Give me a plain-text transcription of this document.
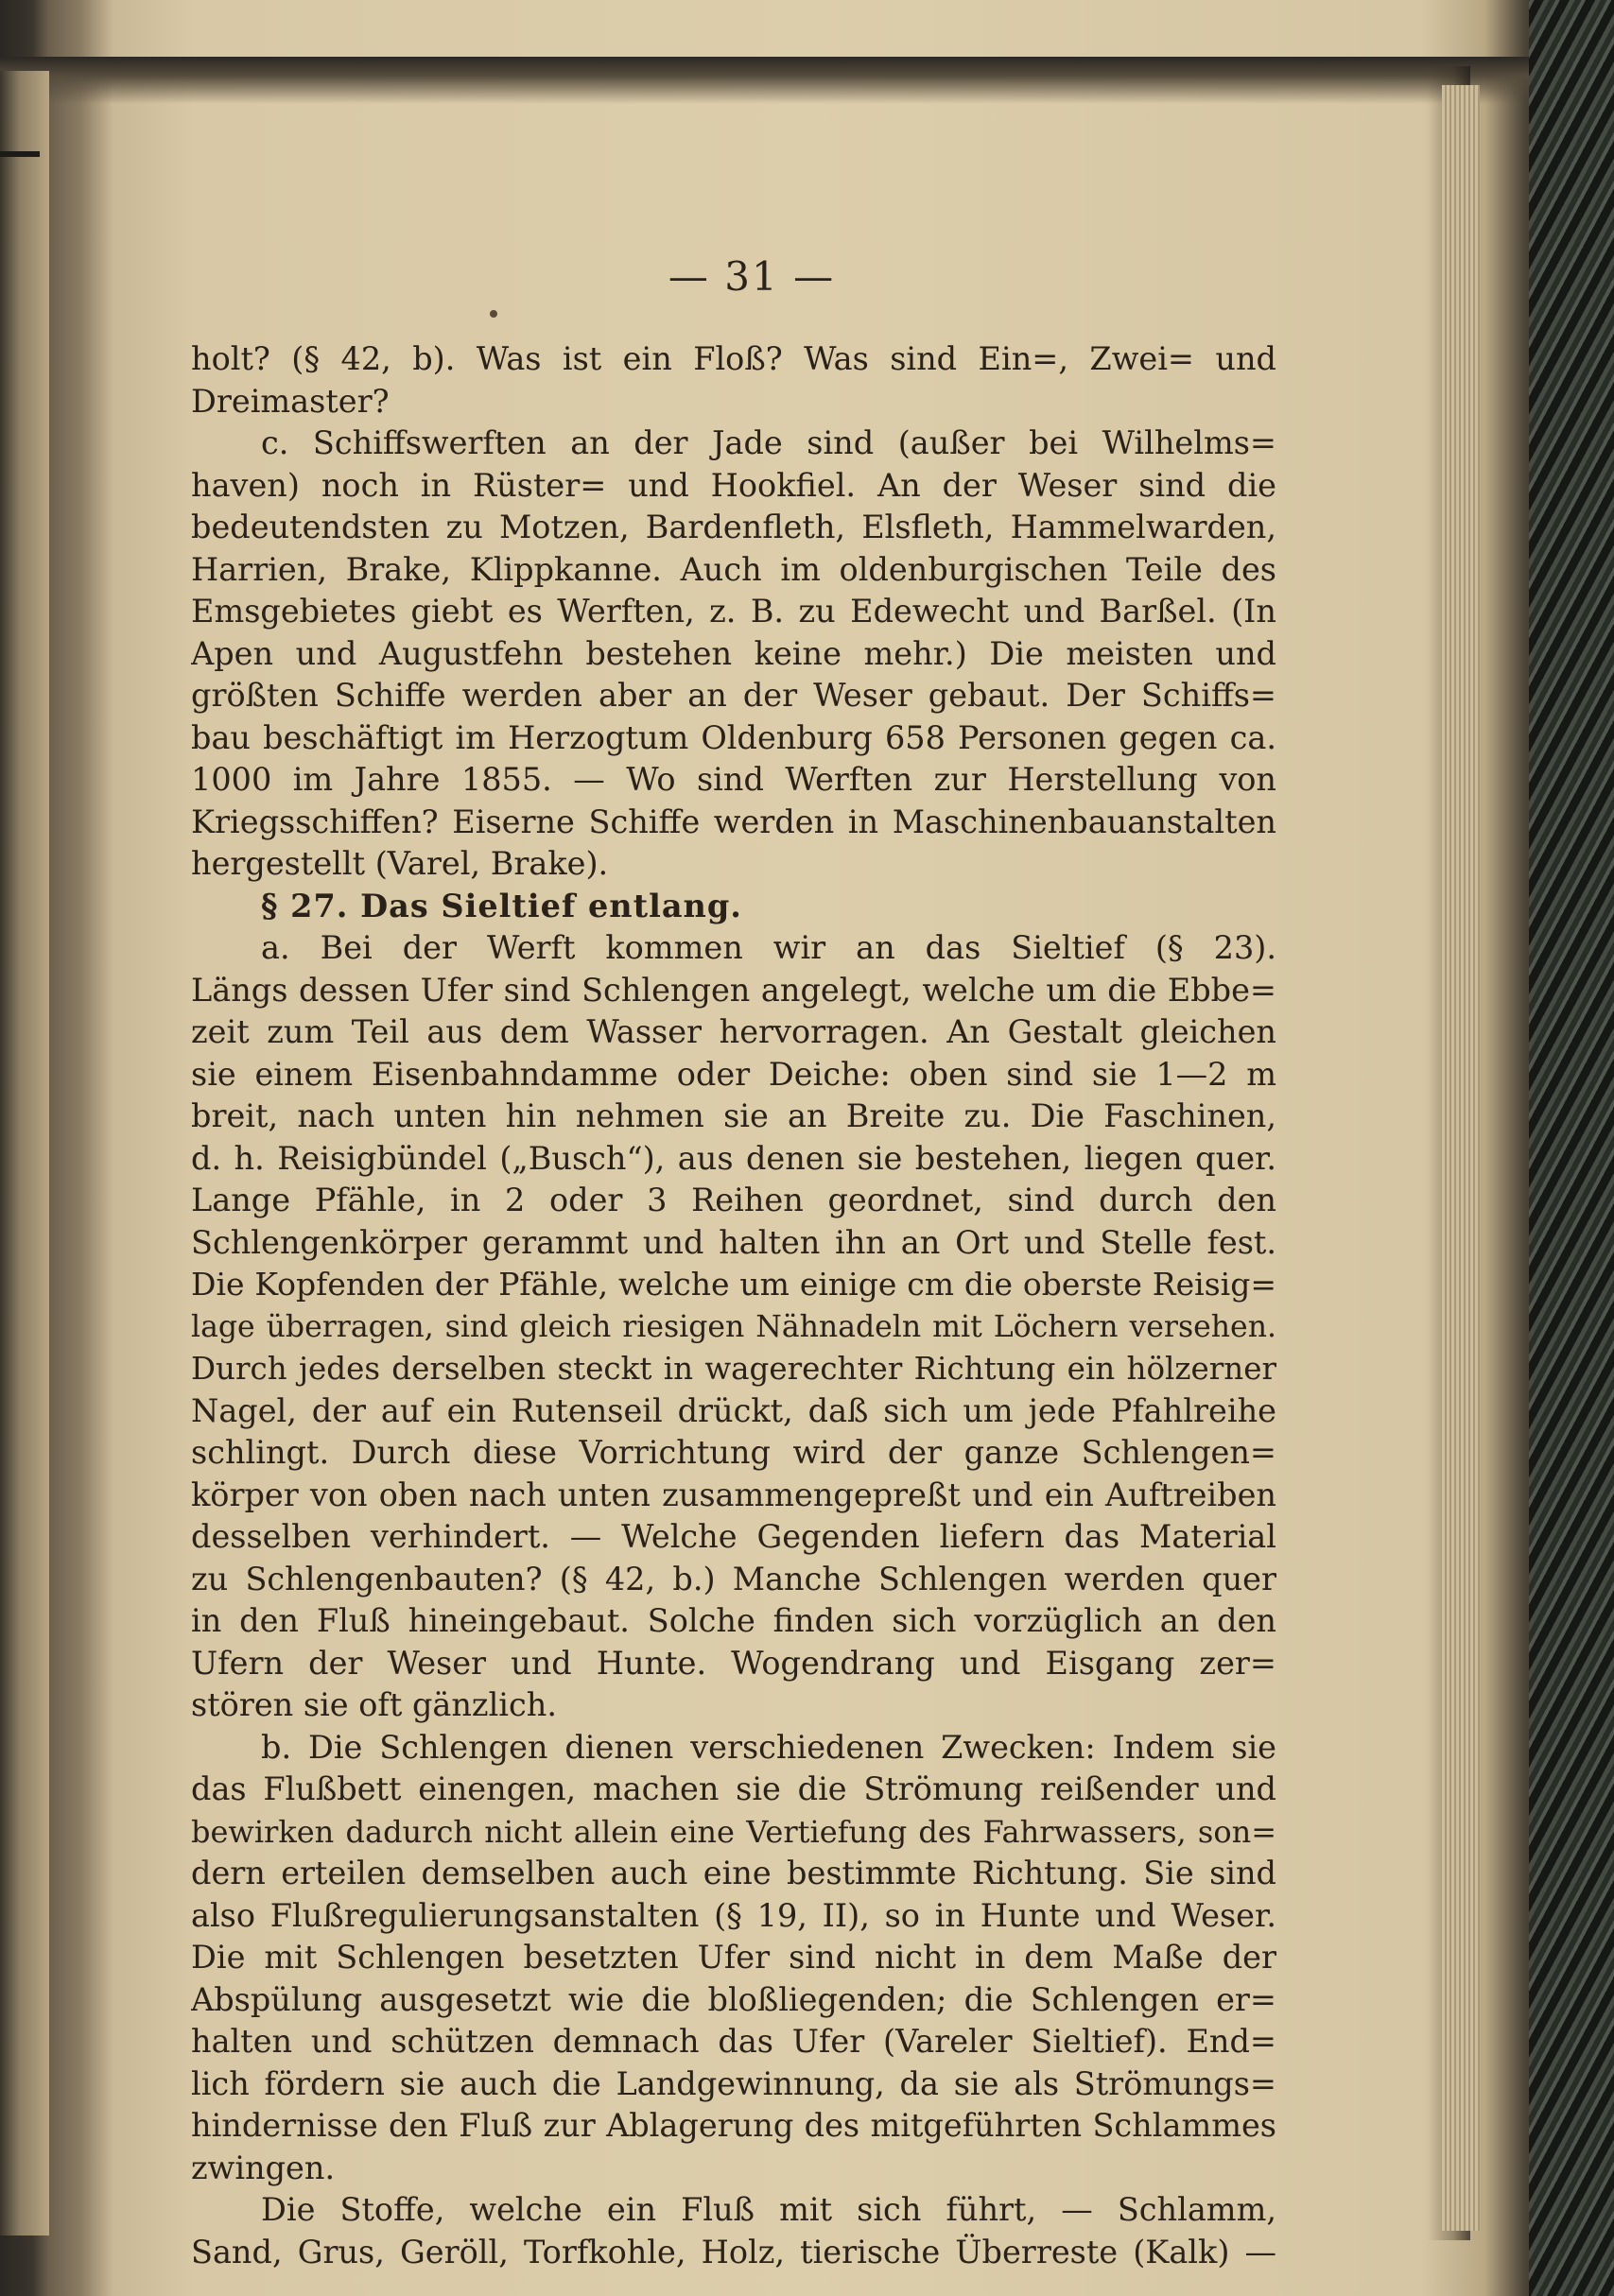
— 31 —
holt? (§ 42, b). Was ist ein Floß? Was sind Ein=, Zwei= und
Dreimaster?
c. Schiffswerften an der Jade sind (außer bei Wilhelms=
haven) noch in Rüster= und Hookfiel. An der Weser sind die
bedeutendsten zu Motzen, Bardenfleth, Elsfleth, Hammelwarden,
Harrien, Brake, Klippkanne. Auch im oldenburgischen Teile des
Emsgebietes giebt es Werften, z. B. zu Edewecht und Barßel. (In
Apen und Augustfehn bestehen keine mehr.) Die meisten und
größten Schiffe werden aber an der Weser gebaut. Der Schiffs=
bau beschäftigt im Herzogtum Oldenburg 658 Personen gegen ca.
1000 im Jahre 1855. — Wo sind Werften zur Herstellung von
Kriegsschiffen? Eiserne Schiffe werden in Maschinenbauanstalten
hergestellt (Varel, Brake).
§ 27. Das Sieltief entlang.
a. Bei der Werft kommen wir an das Sieltief (§ 23).
Längs dessen Ufer sind Schlengen angelegt, welche um die Ebbe=
zeit zum Teil aus dem Wasser hervorragen. An Gestalt gleichen
sie einem Eisenbahndamme oder Deiche: oben sind sie 1—2 m
breit, nach unten hin nehmen sie an Breite zu. Die Faschinen,
d. h. Reisigbündel („Busch“), aus denen sie bestehen, liegen quer.
Lange Pfähle, in 2 oder 3 Reihen geordnet, sind durch den
Schlengenkörper gerammt und halten ihn an Ort und Stelle fest.
Die Kopfenden der Pfähle, welche um einige cm die oberste Reisig=
lage überragen, sind gleich riesigen Nähnadeln mit Löchern versehen.
Durch jedes derselben steckt in wagerechter Richtung ein hölzerner
Nagel, der auf ein Rutenseil drückt, daß sich um jede Pfahlreihe
schlingt. Durch diese Vorrichtung wird der ganze Schlengen=
körper von oben nach unten zusammengepreßt und ein Auftreiben
desselben verhindert. — Welche Gegenden liefern das Material
zu Schlengenbauten? (§ 42, b.) Manche Schlengen werden quer
in den Fluß hineingebaut. Solche finden sich vorzüglich an den
Ufern der Weser und Hunte. Wogendrang und Eisgang zer=
stören sie oft gänzlich.
b. Die Schlengen dienen verschiedenen Zwecken: Indem sie
das Flußbett einengen, machen sie die Strömung reißender und
bewirken dadurch nicht allein eine Vertiefung des Fahrwassers, son=
dern erteilen demselben auch eine bestimmte Richtung. Sie sind
also Flußregulierungsanstalten (§ 19, II), so in Hunte und Weser.
Die mit Schlengen besetzten Ufer sind nicht in dem Maße der
Abspülung ausgesetzt wie die bloßliegenden; die Schlengen er=
halten und schützen demnach das Ufer (Vareler Sieltief). End=
lich fördern sie auch die Landgewinnung, da sie als Strömungs=
hindernisse den Fluß zur Ablagerung des mitgeführten Schlammes
zwingen.
Die Stoffe, welche ein Fluß mit sich führt, — Schlamm,
Sand, Grus, Geröll, Torfkohle, Holz, tierische Überreste (Kalk) —
